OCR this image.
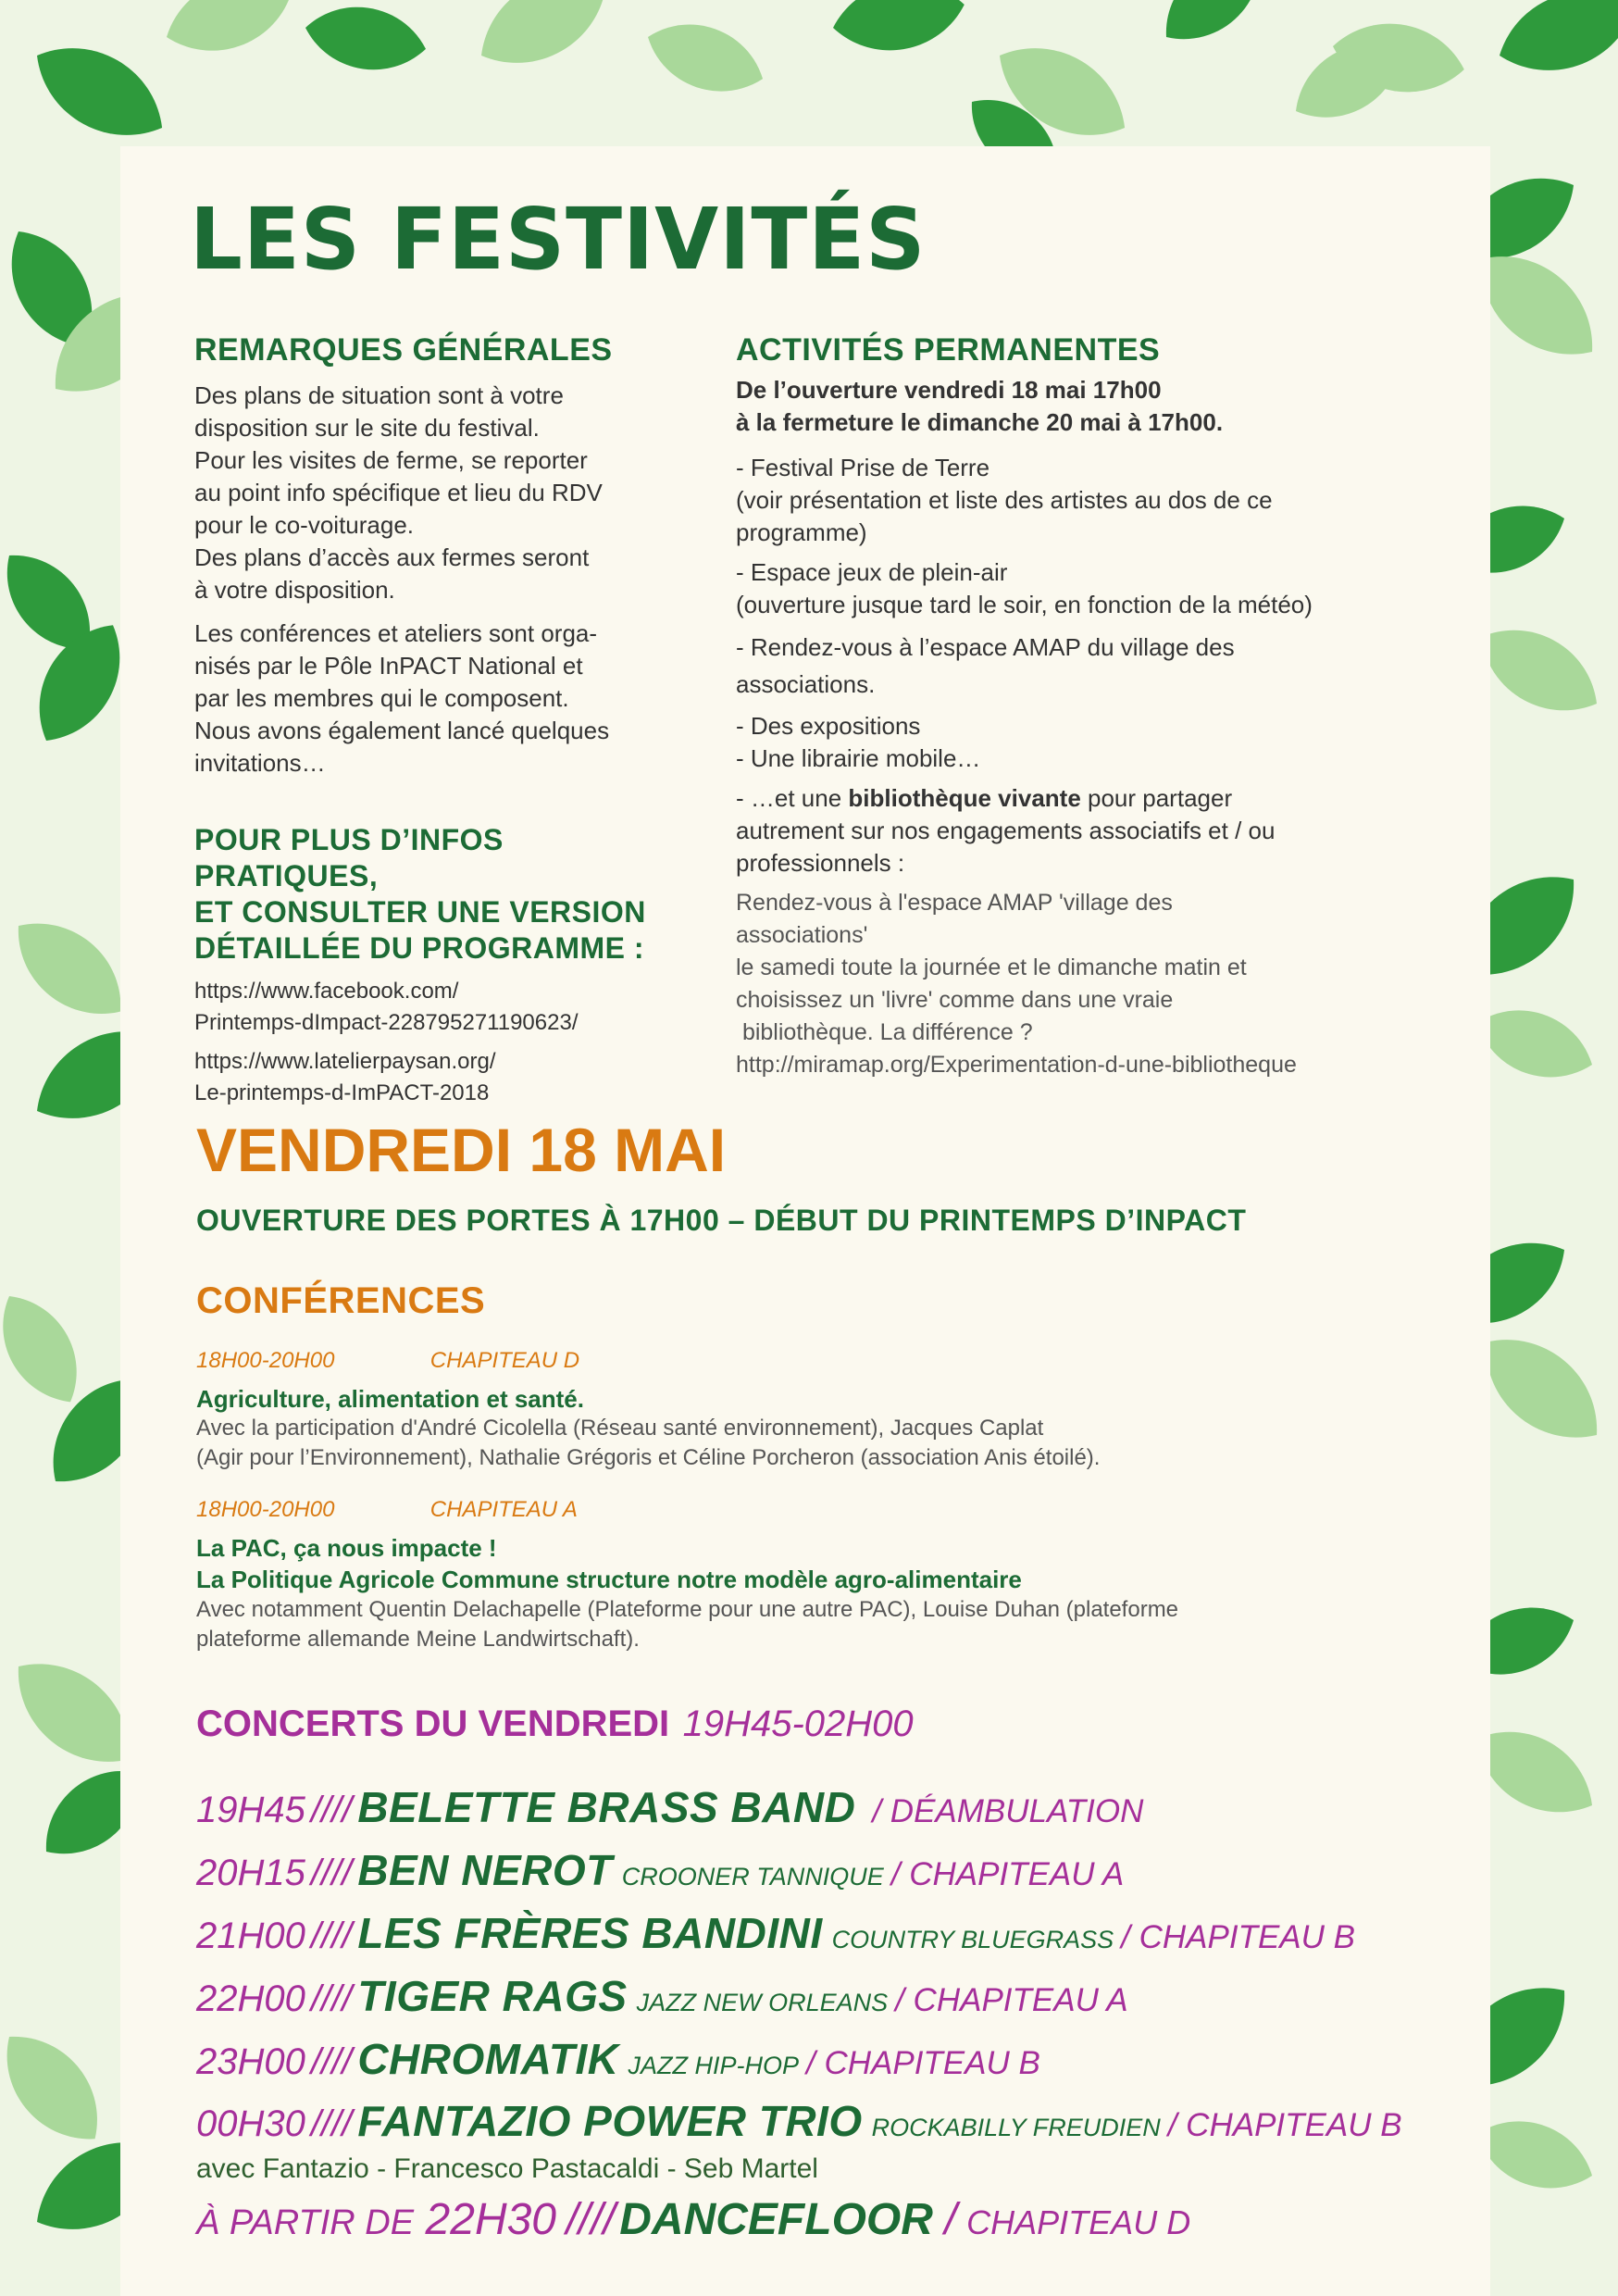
LES FESTIVITÉS
REMARQUES GÉNÉRALES
Des plans de situation sont à votre
disposition sur le site du festival.
Pour les visites de ferme, se reporter
au point info spécifique et lieu du RDV
pour le co-voiturage.
Des plans d’accès aux fermes seront
à votre disposition.
Les conférences et ateliers sont orga-
nisés par le Pôle InPACT National et
par les membres qui le composent.
Nous avons également lancé quelques
invitations…
POUR PLUS D’INFOS PRATIQUES,
ET CONSULTER UNE VERSION
DÉTAILLÉE DU PROGRAMME :
https://www.facebook.com/
Printemps-dImpact-228795271190623/
https://www.latelierpaysan.org/
Le-printemps-d-ImPACT-2018
ACTIVITÉS PERMANENTES
De l’ouverture vendredi 18 mai 17h00
à la fermeture le dimanche 20 mai à 17h00.

- Festival Prise de Terre
(voir présentation et liste des artistes au dos de ce
programme)

- Espace jeux de plein-air
(ouverture jusque tard le soir, en fonction de la météo)

- Rendez-vous à l’espace AMAP du village des
associations.

- Des expositions
- Une librairie mobile…

- …et une bibliothèque vivante pour partager
autrement sur nos engagements associatifs et / ou
professionnels :

Rendez-vous à l'espace AMAP 'village des
associations'
le samedi toute la journée et le dimanche matin et
choisissez un 'livre' comme dans une vraie
bibliothèque. La différence ?
http://miramap.org/Experimentation-d-une-bibliotheque
VENDREDI 18 MAI
OUVERTURE DES PORTES À 17H00 – DÉBUT DU PRINTEMPS D’INPACT
CONFÉRENCES
18H00-20H00	CHAPITEAU D
Agriculture, alimentation et santé.
Avec la participation d'André Cicolella (Réseau santé environnement), Jacques Caplat
(Agir pour l’Environnement), Nathalie Grégoris et Céline Porcheron (association Anis étoilé).
18H00-20H00	CHAPITEAU A
La PAC, ça nous impacte !
La Politique Agricole Commune structure notre modèle agro-alimentaire
Avec notamment Quentin Delachapelle (Plateforme pour une autre PAC), Louise Duhan (plateforme
plateforme allemande Meine Landwirtschaft).
CONCERTS DU VENDREDI 19H45-02H00
19H45 //// BELETTE BRASS BAND / DÉAMBULATION
20H15 //// BEN NEROT CROONER TANNIQUE / CHAPITEAU A
21H00 //// LES FRÈRES BANDINI COUNTRY BLUEGRASS / CHAPITEAU B
22H00 //// TIGER RAGS JAZZ NEW ORLEANS / CHAPITEAU A
23H00 //// CHROMATIK JAZZ HIP-HOP / CHAPITEAU B
00H30 //// FANTAZIO POWER TRIO ROCKABILLY FREUDIEN / CHAPITEAU B
avec Fantazio - Francesco Pastacaldi - Seb Martel
À PARTIR DE 22H30 //// DANCEFLOOR / CHAPITEAU D
